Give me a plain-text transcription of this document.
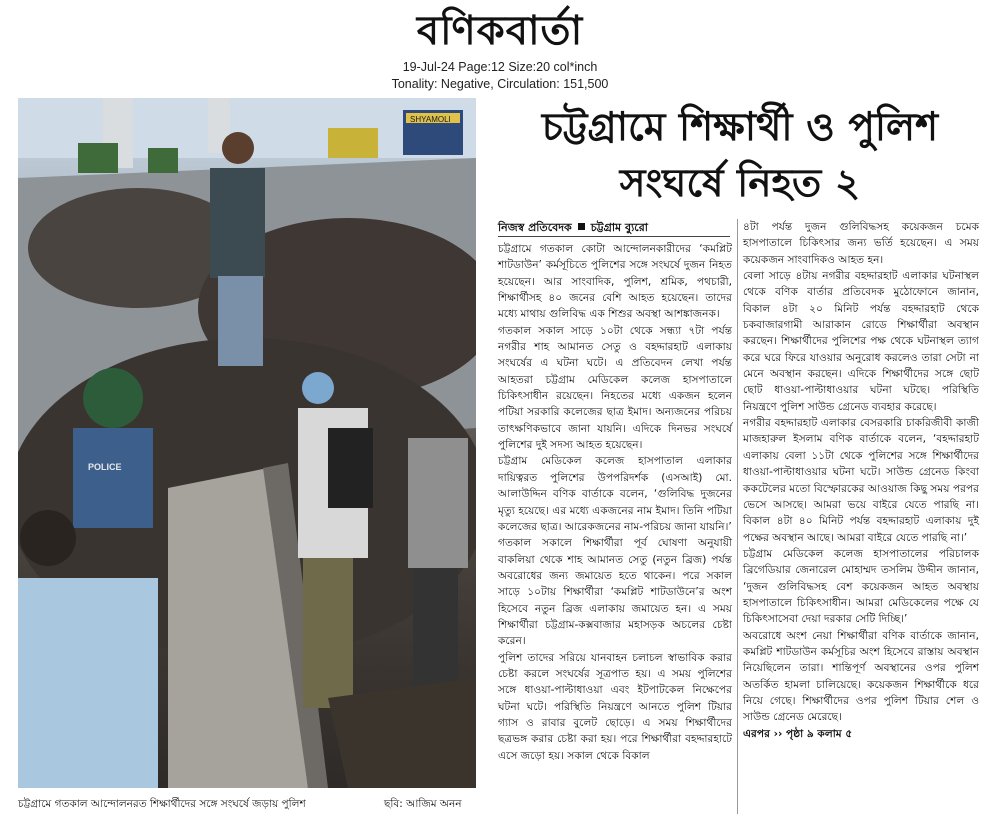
বণিকবার্তা
19-Jul-24 Page:12 Size:20 col*inch
Tonality: Negative, Circulation: 151,500
SHYAMOLI
POLICE
চট্টগ্রামে গতকাল আন্দোলনরত শিক্ষার্থীদের সঙ্গে সংঘর্ষে জড়ায় পুলিশ	ছবি: আজিম অনন
চট্টগ্রামে শিক্ষার্থী ও পুলিশ
সংঘর্ষে নিহত ২
নিজস্ব প্রতিবেদক চট্টগ্রাম ব্যুরো

চট্টগ্রামে গতকাল কোটা আন্দোলনকারীদের ‘কমপ্লিট শাটডাউন’ কর্মসূচিতে পুলিশের সঙ্গে সংঘর্ষে দুজন নিহত হয়েছেন। আর সাংবাদিক, পুলিশ, শ্রমিক, পথচারী, শিক্ষার্থীসহ ৪০ জনের বেশি আহত হয়েছেন। তাদের মধ্যে মাথায় গুলিবিদ্ধ এক শিশুর অবস্থা আশঙ্কাজনক।

গতকাল সকাল সাড়ে ১০টা থেকে সন্ধ্যা ৭টা পর্যন্ত নগরীর শাহ আমানত সেতু ও বহদ্দারহাট এলাকায় সংঘর্ষের এ ঘটনা ঘটে। এ প্রতিবেদন লেখা পর্যন্ত আহতরা চট্টগ্রাম মেডিকেল কলেজ হাসপাতালে চিকিৎসাধীন রয়েছেন। নিহতের মধ্যে একজন হলেন পটিয়া সরকারি কলেজের ছাত্র ইমাদ। অন্যজনের পরিচয় তাৎক্ষণিকভাবে জানা যায়নি। এদিকে দিনভর সংঘর্ষে পুলিশের দুই সদস্য আহত হয়েছেন।

চট্টগ্রাম মেডিকেল কলেজ হাসপাতাল এলাকার দায়িত্বরত পুলিশের উপপরিদর্শক (এসআই) মো. আলাউদ্দিন বণিক বার্তাকে বলেন, ‘গুলিবিদ্ধ দুজনের মৃত্যু হয়েছে। এর মধ্যে একজনের নাম ইমাদ। তিনি পটিয়া কলেজের ছাত্র। আরেকজনের নাম-পরিচয় জানা যায়নি।’

গতকাল সকালে শিক্ষার্থীরা পূর্ব ঘোষণা অনুযায়ী বাকলিয়া থেকে শাহ আমানত সেতু (নতুন ব্রিজ) পর্যন্ত অবরোধের জন্য জমায়েত হতে থাকেন। পরে সকাল সাড়ে ১০টায় শিক্ষার্থীরা ‘কমপ্লিট শাটডাউনে’র অংশ হিসেবে নতুন ব্রিজ এলাকায় জমায়েত হন। এ সময় শিক্ষার্থীরা চট্টগ্রাম-কক্সবাজার মহাসড়ক অচলের চেষ্টা করেন।

পুলিশ তাদের সরিয়ে যানবাহন চলাচল স্বাভাবিক করার চেষ্টা করলে সংঘর্ষের সূত্রপাত হয়। এ সময় পুলিশের সঙ্গে ধাওয়া-পাল্টাধাওয়া এবং ইটপাটকেল নিক্ষেপের ঘটনা ঘটে। পরিস্থিতি নিয়ন্ত্রণে আনতে পুলিশ টিয়ার গ্যাস ও রাবার বুলেট ছোড়ে। এ সময় শিক্ষার্থীদের ছত্রভঙ্গ করার চেষ্টা করা হয়। পরে শিক্ষার্থীরা বহদ্দারহাটে এসে জড়ো হয়। সকাল থেকে বিকাল

৪টা পর্যন্ত দুজন গুলিবিদ্ধসহ কয়েকজন চমেক হাসপাতালে চিকিৎসার জন্য ভর্তি হয়েছেন। এ সময় কয়েকজন সাংবাদিকও আহত হন।

বেলা সাড়ে ৪টায় নগরীর বহদ্দারহাট এলাকার ঘটনাস্থল থেকে বণিক বার্তার প্রতিবেদক মুঠোফোনে জানান, বিকাল ৪টা ২০ মিনিট পর্যন্ত বহদ্দারহাট থেকে চকবাজারগামী আরাকান রোডে শিক্ষার্থীরা অবস্থান করছেন। শিক্ষার্থীদের পুলিশের পক্ষ থেকে ঘটনাস্থল ত্যাগ করে ঘরে ফিরে যাওয়ার অনুরোধ করলেও তারা সেটা না মেনে অবস্থান করছেন। এদিকে শিক্ষার্থীদের সঙ্গে ছোট ছোট ধাওয়া-পাল্টাধাওয়ার ঘটনা ঘটছে। পরিস্থিতি নিয়ন্ত্রণে পুলিশ সাউন্ড গ্রেনেড ব্যবহার করেছে।

নগরীর বহদ্দারহাট এলাকার বেসরকারি চাকরিজীবী কাজী মাজহারুল ইসলাম বণিক বার্তাকে বলেন, ‘বহদ্দারহাট এলাকায় বেলা ১১টা থেকে পুলিশের সঙ্গে শিক্ষার্থীদের ধাওয়া-পাল্টাধাওয়ার ঘটনা ঘটে। সাউন্ড গ্রেনেড কিংবা ককটেলের মতো বিস্ফোরকের আওয়াজ কিছু সময় পরপর ভেসে আসছে। আমরা ভয়ে বাইরে যেতে পারছি না। বিকাল ৪টা ৪০ মিনিট পর্যন্ত বহদ্দারহাট এলাকায় দুই পক্ষের অবস্থান আছে। আমরা বাইরে যেতে পারছি না।’

চট্টগ্রাম মেডিকেল কলেজ হাসপাতালের পরিচালক ব্রিগেডিয়ার জেনারেল মোহাম্মদ তসলিম উদ্দীন জানান, ‘দুজন গুলিবিদ্ধসহ বেশ কয়েকজন আহত অবস্থায় হাসপাতালে চিকিৎসাধীন। আমরা মেডিকেলের পক্ষে যে চিকিৎসাসেবা দেয়া দরকার সেটি দিচ্ছি।’

অবরোধে অংশ নেয়া শিক্ষার্থীরা বণিক বার্তাকে জানান, কমপ্লিট শাটডাউন কর্মসূচির অংশ হিসেবে রাস্তায় অবস্থান নিয়েছিলেন তারা। শান্তিপূর্ণ অবস্থানের ওপর পুলিশ অতর্কিত হামলা চালিয়েছে। কয়েকজন শিক্ষার্থীকে ধরে নিয়ে গেছে। শিক্ষার্থীদের ওপর পুলিশ টিয়ার শেল ও সাউন্ড গ্রেনেড মেরেছে।

এরপর ›› পৃষ্ঠা ৯ কলাম ৫
